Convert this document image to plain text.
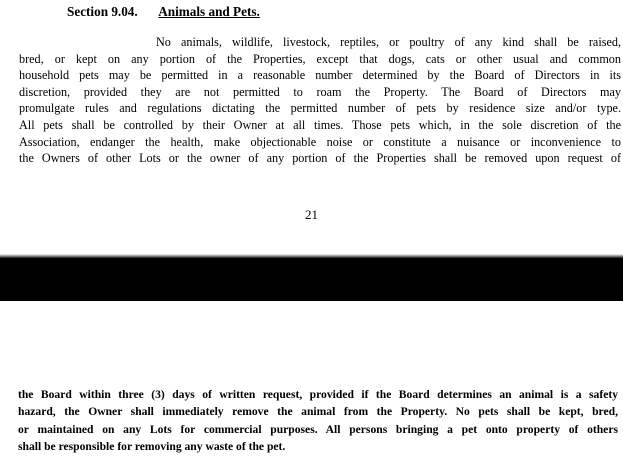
Section 9.04. Animals and Pets.
No animals, wildlife, livestock, reptiles, or poultry of any kind shall be raised,
bred, or kept on any portion of the Properties, except that dogs, cats or other usual and common
household pets may be permitted in a reasonable number determined by the Board of Directors in its
discretion, provided they are not permitted to roam the Property. The Board of Directors may
promulgate rules and regulations dictating the permitted number of pets by residence size and/or type.
All pets shall be controlled by their Owner at all times. Those pets which, in the sole discretion of the
Association, endanger the health, make objectionable noise or constitute a nuisance or inconvenience to
the Owners of other Lots or the owner of any portion of the Properties shall be removed upon request of
21
the Board within three (3) days of written request, provided if the Board determines an animal is a safety
hazard, the Owner shall immediately remove the animal from the Property. No pets shall be kept, bred,
or maintained on any Lots for commercial purposes. All persons bringing a pet onto property of others
shall be responsible for removing any waste of the pet.
